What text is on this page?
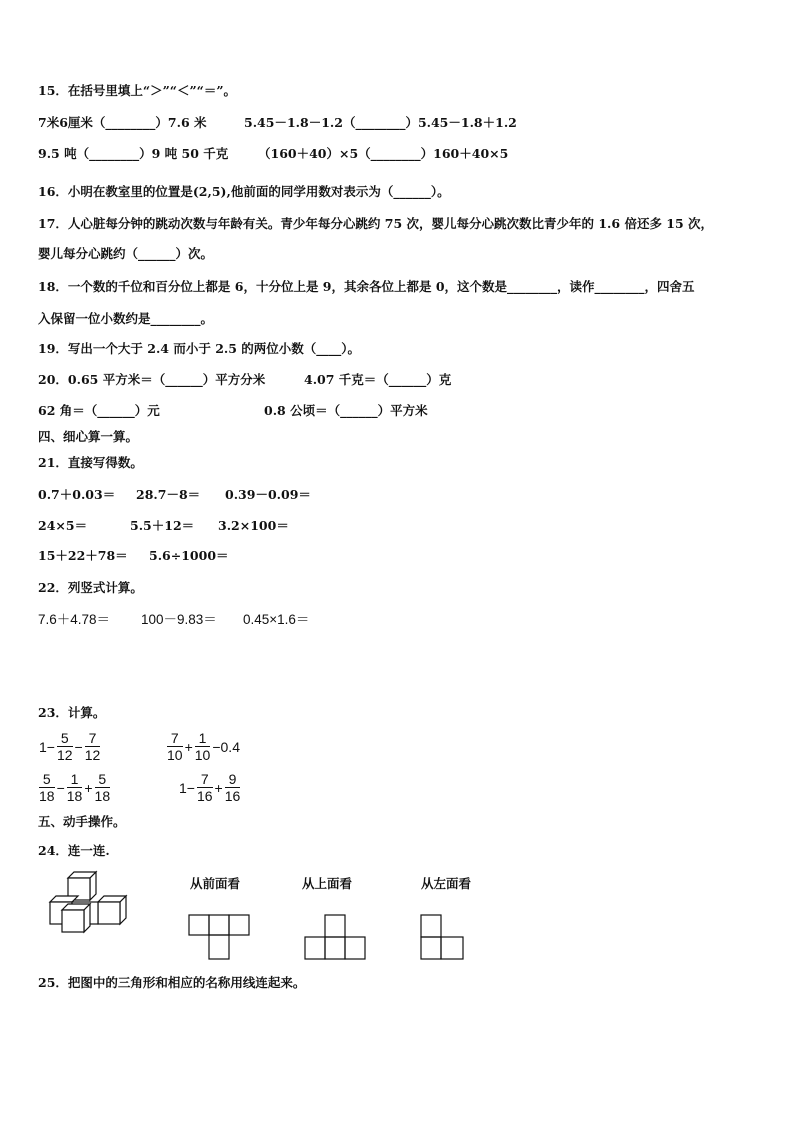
15．在括号里填上“＞”“＜”“＝”。
7米6厘米（________）7.6 米	5.45－1.8－1.2（________）5.45－1.8＋1.2
9.5 吨（________）9 吨 50 千克 （160＋40）×5（________）160＋40×5
16．小明在教室里的位置是(2,5),他前面的同学用数对表示为（______）。
17．人心脏每分钟的跳动次数与年龄有关。青少年每分心跳约 75 次，婴儿每分心跳次数比青少年的 1.6 倍还多 15 次，
婴儿每分心跳约（______）次。
18．一个数的千位和百分位上都是 6，十分位上是 9，其余各位上都是 0，这个数是________，读作________，四舍五
入保留一位小数约是________。
19．写出一个大于 2.4 而小于 2.5 的两位小数（____）。
20．0.65 平方米＝（______）平方分米	4.07 千克＝（______）克
62 角＝（______）元	0.8 公顷＝（______）平方米
四、细心算一算。
21．直接写得数。
0.7＋0.03＝ 28.7－8＝ 0.39－0.09＝
24×5＝	5.5＋12＝ 3.2×100＝
15＋22＋78＝ 5.6÷1000＝
22．列竖式计算。
7.6＋4.78＝ 100－9.83＝ 0.45×1.6＝
23．计算。
$1- \frac{5}{12} - \frac{7}{12}$	$\frac{7}{10} + \frac{1}{10} -0.4$
$\frac{5}{18} - \frac{1}{18} + \frac{5}{18}$	$1- \frac{7}{16} + \frac{9}{16}$
五、动手操作。
24．连一连.
从前面看	从上面看	从左面看
25．把图中的三角形和相应的名称用线连起来。
